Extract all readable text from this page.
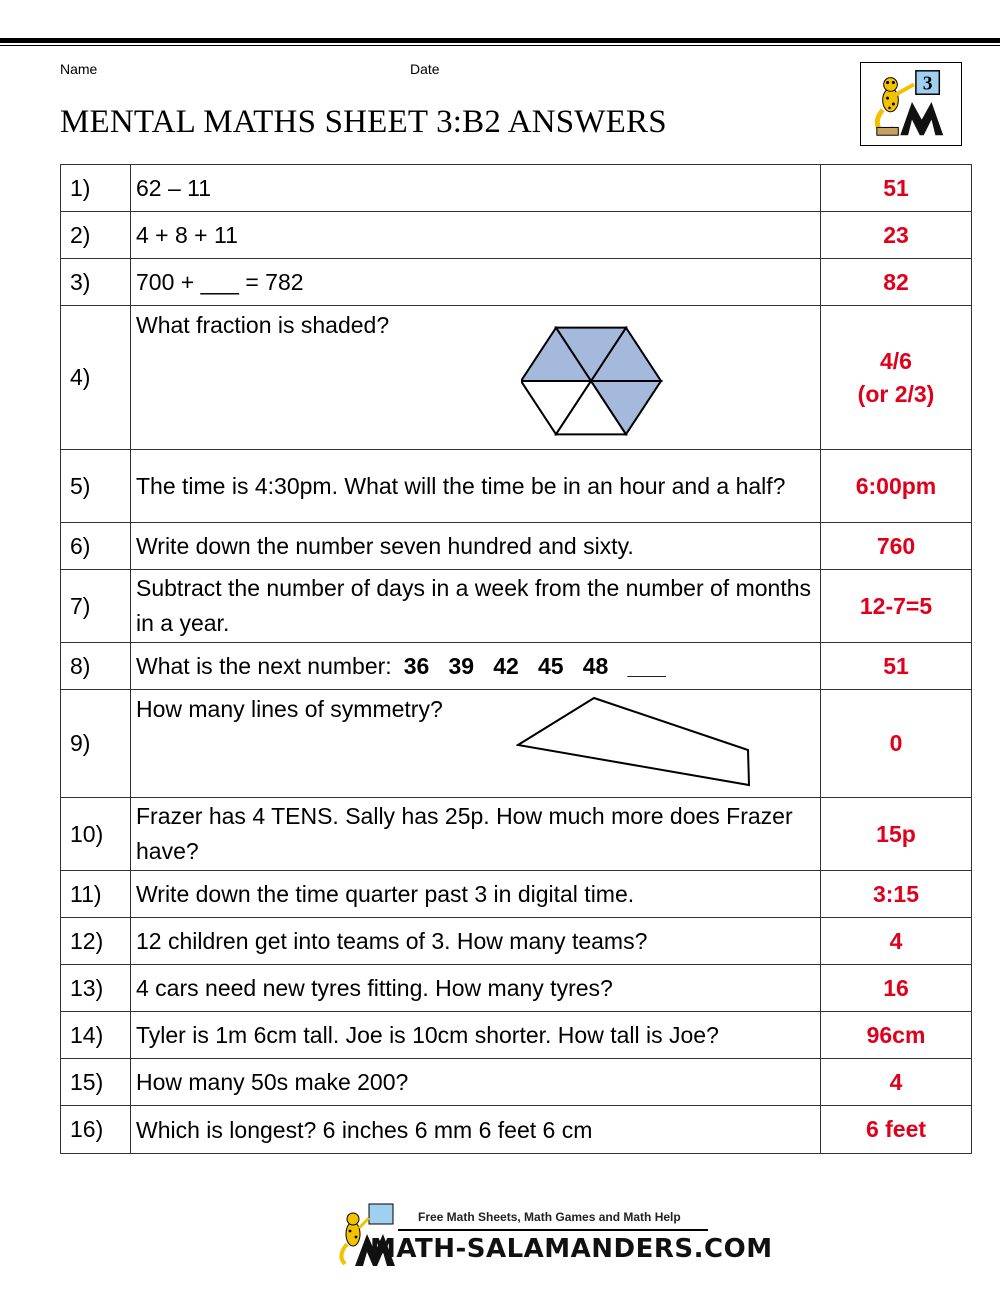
Name	Date
MENTAL MATHS SHEET 3:B2 ANSWERS
3
1)	62 – 11	51

2)	4 + 8 + 11	23

3)	700 + ___ = 782	82

4)	What fraction is shaded?	4/6
(or 2/3)

5)	The time is 4:30pm. What will the time be in an hour and a half?	6:00pm

6)	Write down the number seven hundred and sixty.	760

7)	Subtract the number of days in a week from the number of months in a year.	12-7=5

8)	What is the next number: 36   39   42   45   48   ___	51

9)	How many lines of symmetry?	0

10)	Frazer has 4 TENS. Sally has 25p. How much more does Frazer have?	15p

11)	Write down the time quarter past 3 in digital time.	3:15

12)	12 children get into teams of 3. How many teams?	4

13)	4 cars need new tyres fitting. How many tyres?	16

14)	Tyler is 1m 6cm tall. Joe is 10cm shorter. How tall is Joe?	96cm

15)	How many 50s make 200?	4

16)	Which is longest? 6 inches 6 mm 6 feet 6 cm	6 feet
Free Math Sheets, Math Games and Math Help
MATH-SALAMANDERS.COM
